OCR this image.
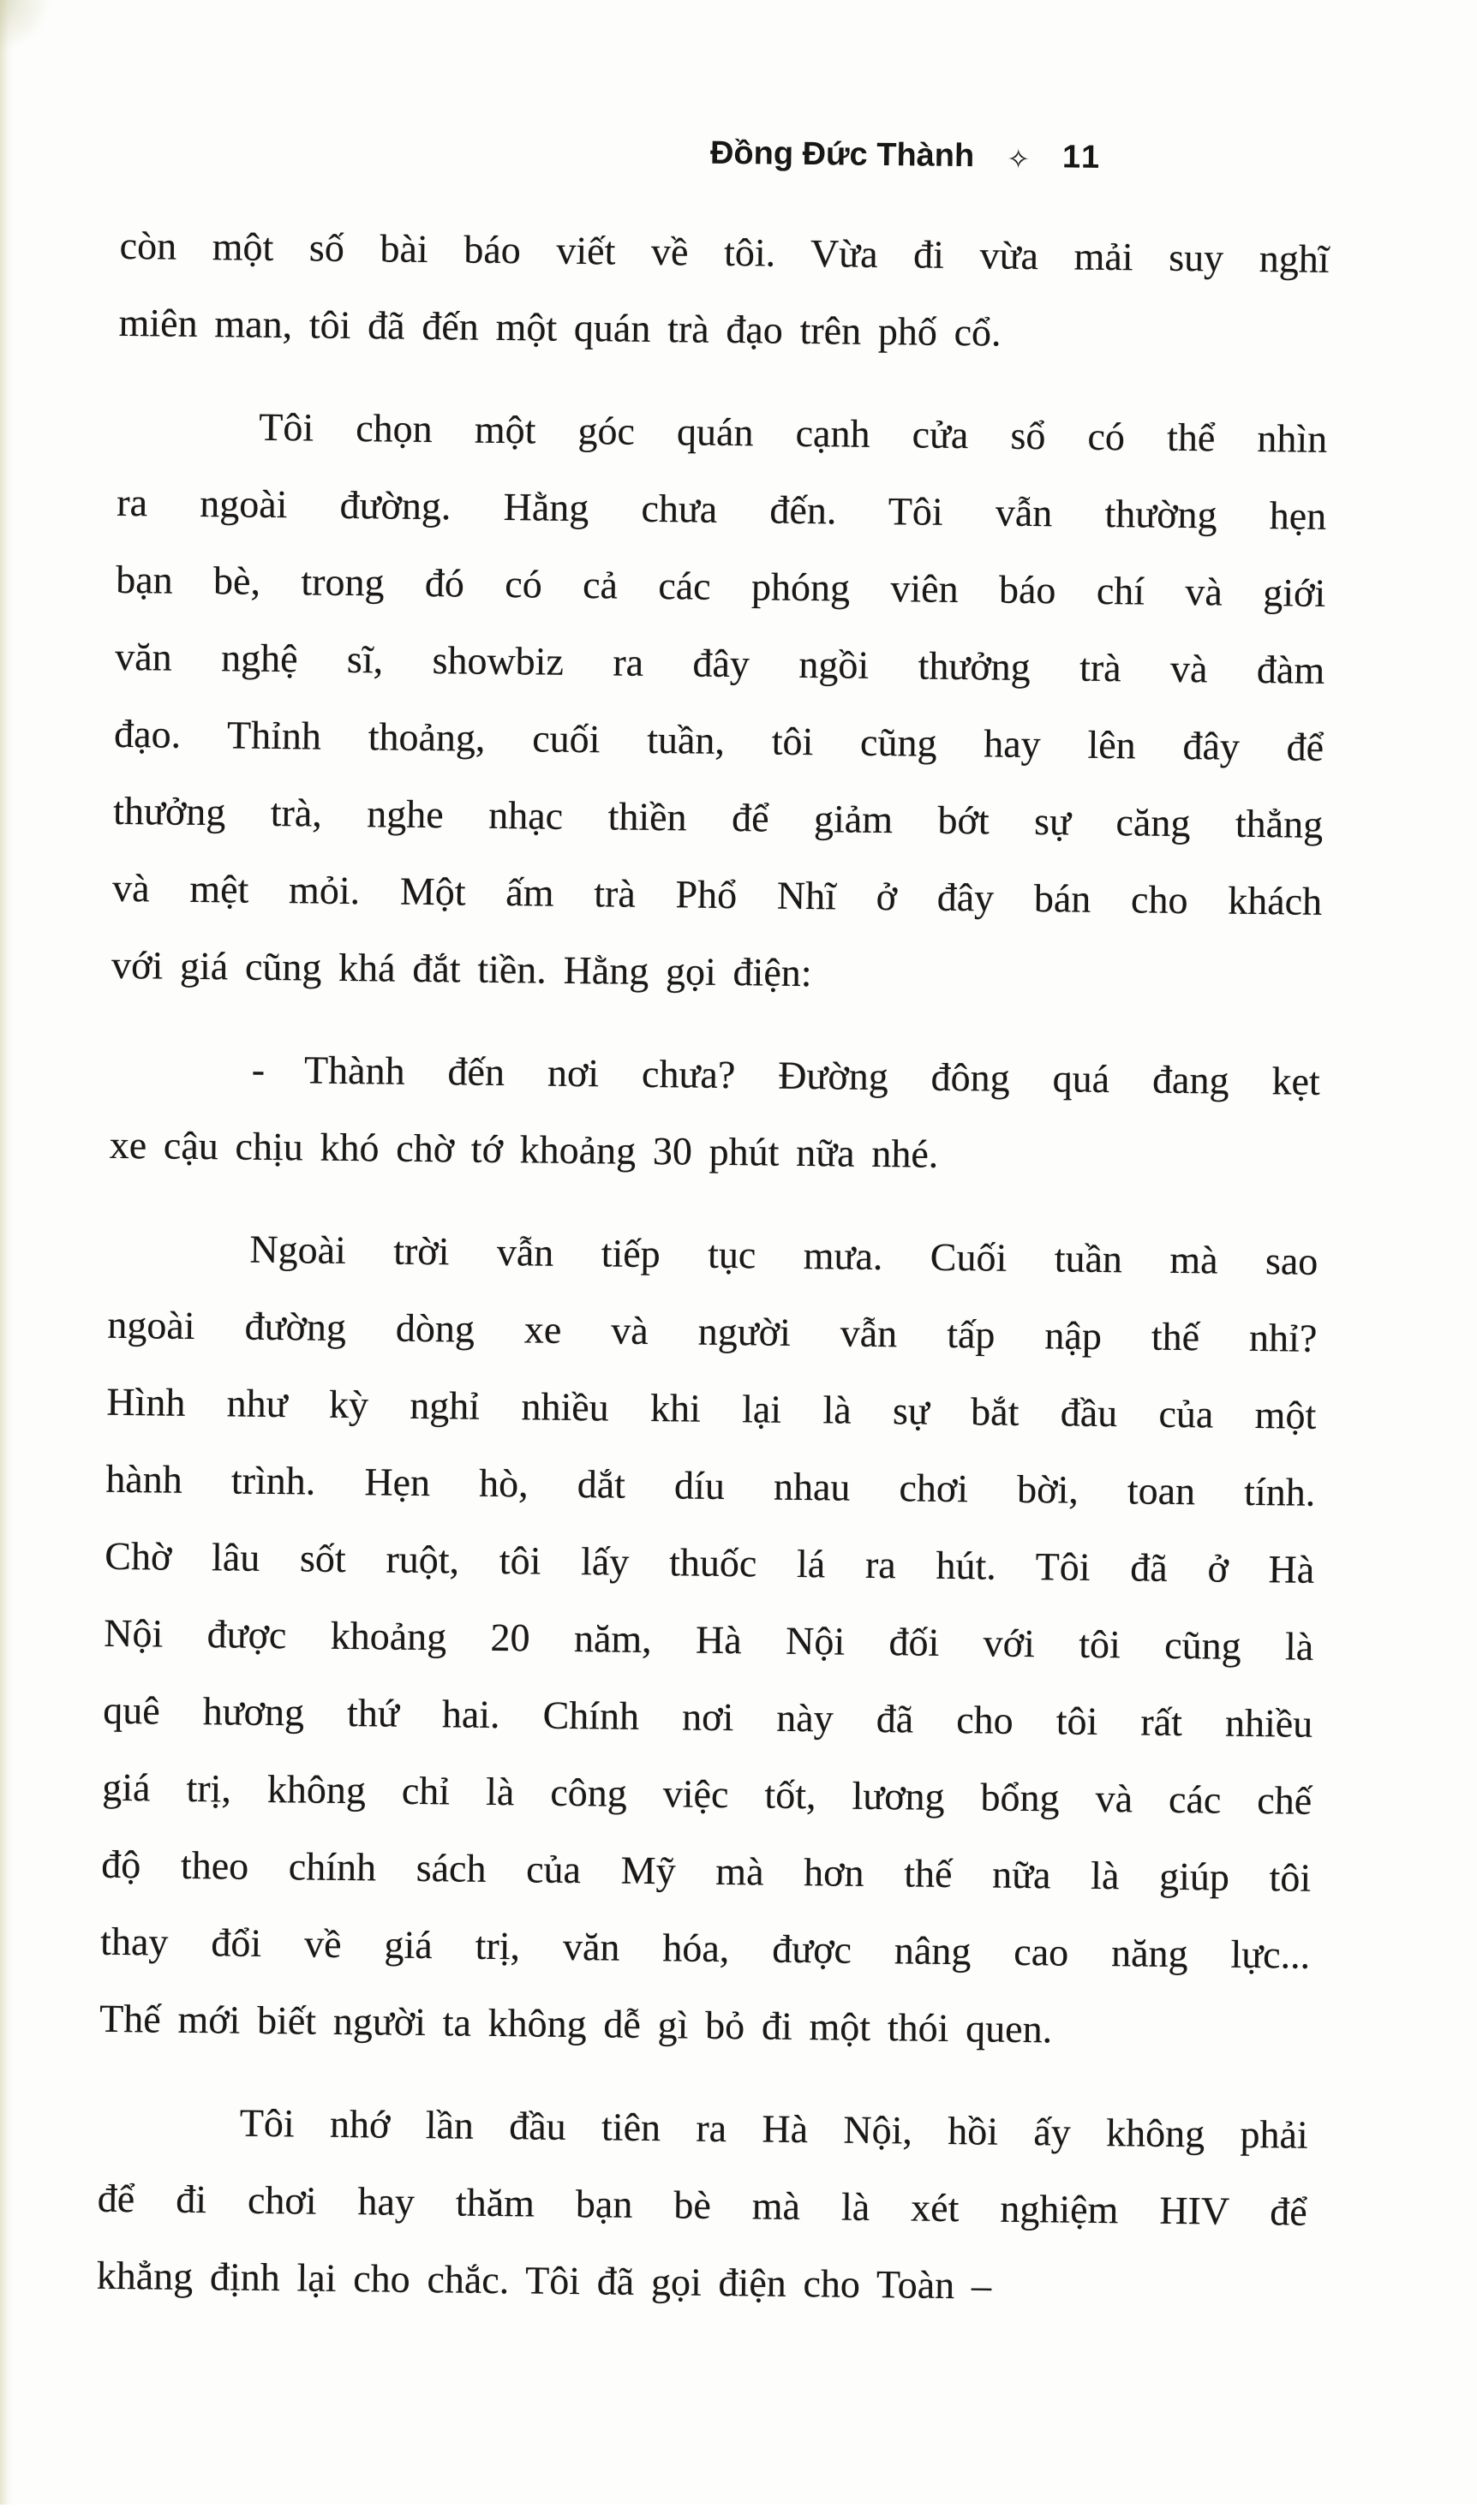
Đồng Đức Thành ✧ 11
còn một số bài báo viết về tôi. Vừa đi vừa mải suy nghĩ
miên man, tôi đã đến một quán trà đạo trên phố cổ.
Tôi chọn một góc quán cạnh cửa sổ có thể nhìn
ra ngoài đường. Hằng chưa đến. Tôi vẫn thường hẹn
bạn bè, trong đó có cả các phóng viên báo chí và giới
văn nghệ sĩ, showbiz ra đây ngồi thưởng trà và đàm
đạo. Thỉnh thoảng, cuối tuần, tôi cũng hay lên đây để
thưởng trà, nghe nhạc thiền để giảm bớt sự căng thẳng
và mệt mỏi. Một ấm trà Phổ Nhĩ ở đây bán cho khách
với giá cũng khá đắt tiền. Hằng gọi điện:
- Thành đến nơi chưa? Đường đông quá đang kẹt
xe cậu chịu khó chờ tớ khoảng 30 phút nữa nhé.
Ngoài trời vẫn tiếp tục mưa. Cuối tuần mà sao
ngoài đường dòng xe và người vẫn tấp nập thế nhỉ?
Hình như kỳ nghỉ nhiều khi lại là sự bắt đầu của một
hành trình. Hẹn hò, dắt díu nhau chơi bời, toan tính.
Chờ lâu sốt ruột, tôi lấy thuốc lá ra hút. Tôi đã ở Hà
Nội được khoảng 20 năm, Hà Nội đối với tôi cũng là
quê hương thứ hai. Chính nơi này đã cho tôi rất nhiều
giá trị, không chỉ là công việc tốt, lương bổng và các chế
độ theo chính sách của Mỹ mà hơn thế nữa là giúp tôi
thay đổi về giá trị, văn hóa, được nâng cao năng lực...
Thế mới biết người ta không dễ gì bỏ đi một thói quen.
Tôi nhớ lần đầu tiên ra Hà Nội, hồi ấy không phải
để đi chơi hay thăm bạn bè mà là xét nghiệm HIV để
khẳng định lại cho chắc. Tôi đã gọi điện cho Toàn –
